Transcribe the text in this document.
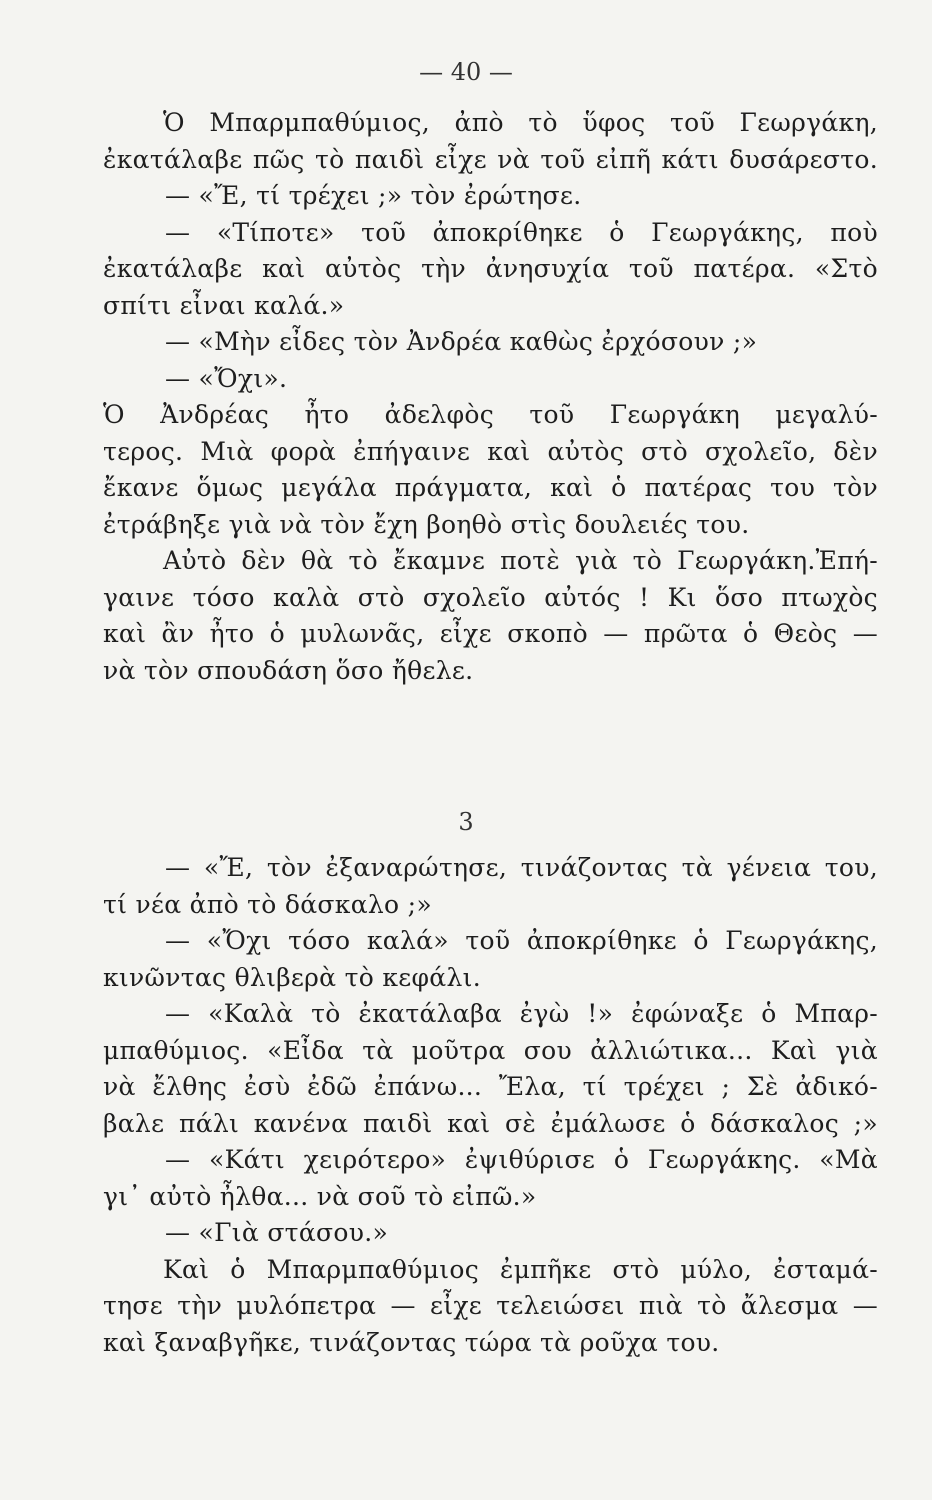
— 40 —
Ὁ Μπαρμπαθύμιος, ἀπὸ τὸ ὕφος τοῦ Γεωργάκη,
ἐκατάλαβε πῶς τὸ παιδὶ εἶχε νὰ τοῦ εἰπῆ κάτι δυσάρεστο.
— «Ἔ, τί τρέχει ;» τὸν ἐρώτησε.
— «Τίποτε» τοῦ ἀποκρίθηκε ὁ Γεωργάκης, ποὺ
ἐκατάλαβε καὶ αὐτὸς τὴν ἀνησυχία τοῦ πατέρα. «Στὸ
σπίτι εἶναι καλά.»
— «Μὴν εἶδες τὸν Ἀνδρέα καθὼς ἐρχόσουν ;»
— «Ὄχι».
Ὁ Ἀνδρέας ἦτο ἀδελφὸς τοῦ Γεωργάκη μεγαλύ-
τερος. Μιὰ φορὰ ἐπήγαινε καὶ αὐτὸς στὸ σχολεῖο, δὲν
ἔκανε ὅμως μεγάλα πράγματα, καὶ ὁ πατέρας του τὸν
ἐτράβηξε γιὰ νὰ τὸν ἔχη βοηθὸ στὶς δουλειές του.
Αὐτὸ δὲν θὰ τὸ ἔκαμνε ποτὲ γιὰ τὸ Γεωργάκη.Ἐπή-
γαινε τόσο καλὰ στὸ σχολεῖο αὐτός ! Κι ὅσο πτωχὸς
καὶ ἂν ἦτο ὁ μυλωνᾶς, εἶχε σκοπὸ — πρῶτα ὁ Θεὸς —
νὰ τὸν σπουδάση ὅσο ἤθελε.
3
— «Ἔ, τὸν ἐξαναρώτησε, τινάζοντας τὰ γένεια του,
τί νέα ἀπὸ τὸ δάσκαλο ;»
— «Ὄχι τόσο καλά» τοῦ ἀποκρίθηκε ὁ Γεωργάκης,
κινῶντας θλιβερὰ τὸ κεφάλι.
— «Καλὰ τὸ ἐκατάλαβα ἐγὼ !» ἐφώναξε ὁ Μπαρ-
μπαθύμιος. «Εἶδα τὰ μοῦτρα σου ἀλλιώτικα... Καὶ γιὰ
νὰ ἔλθης ἐσὺ ἐδῶ ἐπάνω... Ἔλα, τί τρέχει ; Σὲ ἀδικό-
βαλε πάλι κανένα παιδὶ καὶ σὲ ἐμάλωσε ὁ δάσκαλος ;»
— «Κάτι χειρότερο» ἐψιθύρισε ὁ Γεωργάκης. «Μὰ
γι᾽ αὐτὸ ἦλθα... νὰ σοῦ τὸ εἰπῶ.»
— «Γιὰ στάσου.»
Καὶ ὁ Μπαρμπαθύμιος ἐμπῆκε στὸ μύλο, ἐσταμά-
τησε τὴν μυλόπετρα — εἶχε τελειώσει πιὰ τὸ ἄλεσμα —
καὶ ξαναβγῆκε, τινάζοντας τώρα τὰ ροῦχα του.
